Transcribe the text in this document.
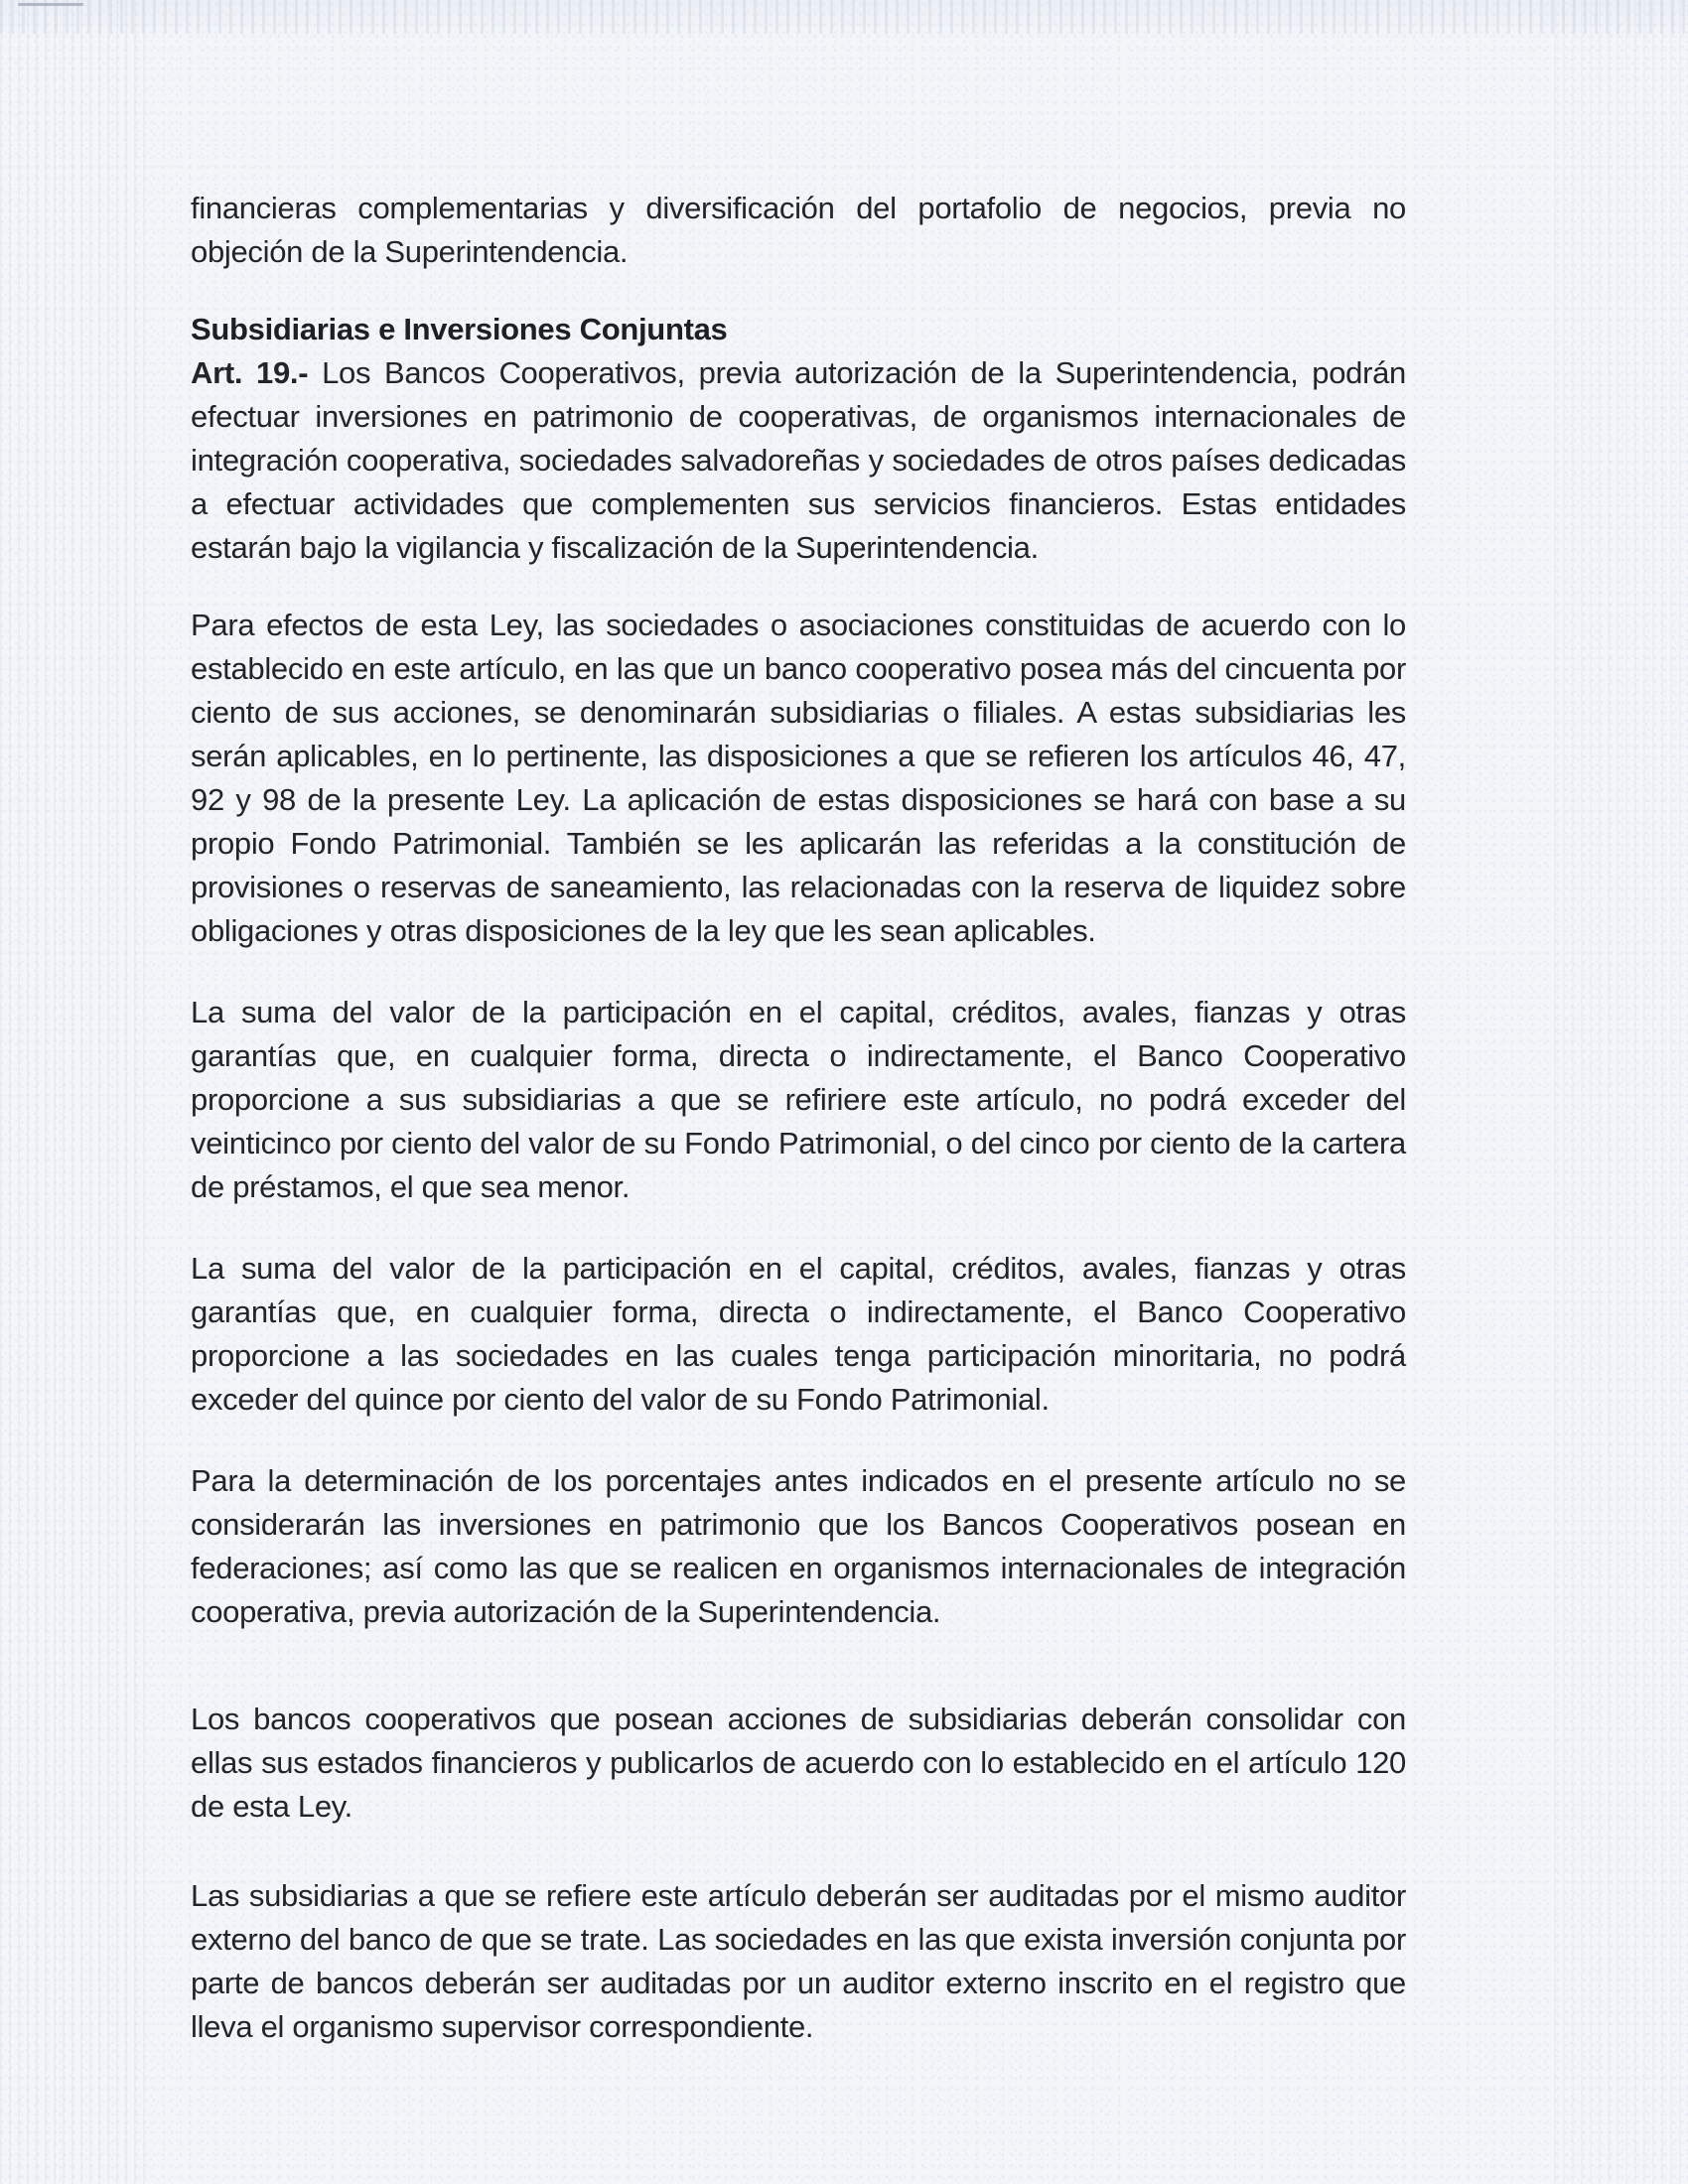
financieras complementarias y diversificación del portafolio de negocios, previa no objeción de la Superintendencia.

Subsidiarias e Inversiones Conjuntas

Art. 19.- Los Bancos Cooperativos, previa autorización de la Superintendencia, podrán efectuar inversiones en patrimonio de cooperativas, de organismos internacionales de integración cooperativa, sociedades salvadoreñas y sociedades de otros países dedicadas a efectuar actividades que complementen sus servicios financieros. Estas entidades estarán bajo la vigilancia y fiscalización de la Superintendencia.

Para efectos de esta Ley, las sociedades o asociaciones constituidas de acuerdo con lo establecido en este artículo, en las que un banco cooperativo posea más del cincuenta por ciento de sus acciones, se denominarán subsidiarias o filiales. A estas subsidiarias les serán aplicables, en lo pertinente, las disposiciones a que se refieren los artículos 46, 47, 92 y 98 de la presente Ley. La aplicación de estas disposiciones se hará con base a su propio Fondo Patrimonial. También se les aplicarán las referidas a la constitución de provisiones o reservas de saneamiento, las relacionadas con la reserva de liquidez sobre obligaciones y otras disposiciones de la ley que les sean aplicables.

La suma del valor de la participación en el capital, créditos, avales, fianzas y otras garantías que, en cualquier forma, directa o indirectamente, el Banco Cooperativo proporcione a sus subsidiarias a que se refiriere este artículo, no podrá exceder del veinticinco por ciento del valor de su Fondo Patrimonial, o del cinco por ciento de la cartera de préstamos, el que sea menor.

La suma del valor de la participación en el capital, créditos, avales, fianzas y otras garantías que, en cualquier forma, directa o indirectamente, el Banco Cooperativo proporcione a las sociedades en las cuales tenga participación minoritaria, no podrá exceder del quince por ciento del valor de su Fondo Patrimonial.

Para la determinación de los porcentajes antes indicados en el presente artículo no se considerarán las inversiones en patrimonio que los Bancos Cooperativos posean en federaciones; así como las que se realicen en organismos internacionales de integración cooperativa, previa autorización de la Superintendencia.

Los bancos cooperativos que posean acciones de subsidiarias deberán consolidar con ellas sus estados financieros y publicarlos de acuerdo con lo establecido en el artículo 120 de esta Ley.

Las subsidiarias a que se refiere este artículo deberán ser auditadas por el mismo auditor externo del banco de que se trate. Las sociedades en las que exista inversión conjunta por parte de bancos deberán ser auditadas por un auditor externo inscrito en el registro que lleva el organismo supervisor correspondiente.
